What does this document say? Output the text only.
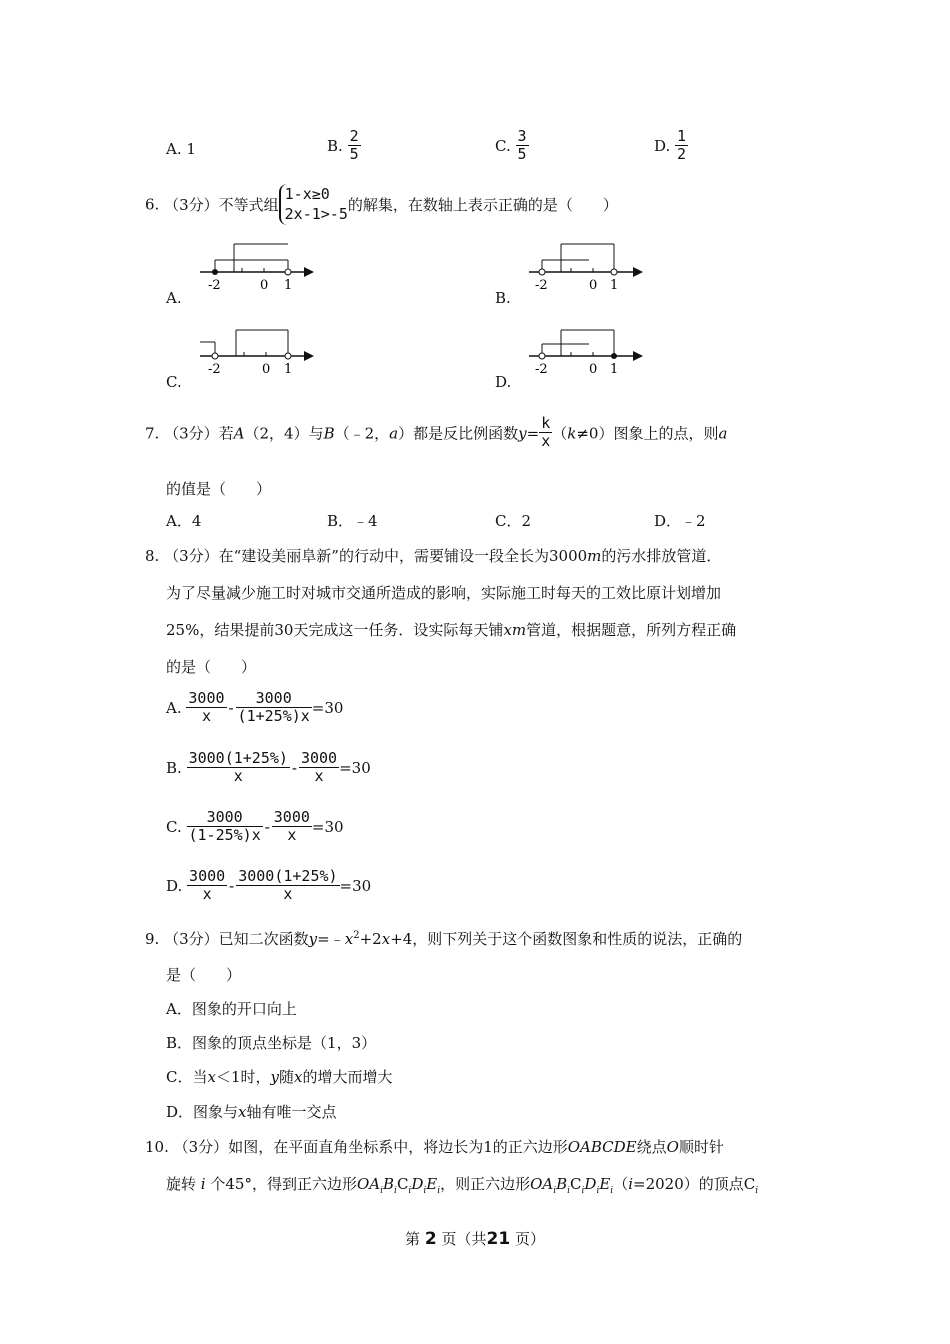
A. 1	B. $\frac{2}{5}$	C. $\frac{3}{5}$	D. $\frac{1}{2}$
6. （3分）不等式组1-x≥0
2x-1>-5的解集，在数轴上表示正确的是（　　）
A.	B.
C.	D.
-2	0 1	-2	0 1
-2	0 1	-2	0 1
7. （3分）若A（2，4）与B（﹣2，a）都是反比例函数$y= \frac{k}{x} (k\ne 0)$图象上的点，则a
的值是（　　）
A．4	B．﹣4	C．2	D．﹣2
8. （3分）在“建设美丽阜新”的行动中，需要铺设一段全长为3000m的污水排放管道．
为了尽量减少施工时对城市交通所造成的影响，实际施工时每天的工效比原计划增加
25%，结果提前30天完成这一任务．设实际每天铺xm管道，根据题意，所列方程正确
的是（　　）
A. $\frac{3000}{x} - \frac{3000}{(1+25\%)x} =30$
B. $\frac{3000(1+25\%)}{x} - \frac{3000}{x} =30$
C. $\frac{3000}{(1-25\%)x} - \frac{3000}{x} =30$
D. $\frac{3000}{x} - \frac{3000(1+25\%)}{x} =30$
9. （3分）已知二次函数$y=﹣x^2+2x+4$，则下列关于这个函数图象和性质的说法，正确的
是（　　）
A．图象的开口向上
B．图象的顶点坐标是（1，3）
C．当x＜1时，y随x的增大而增大
D．图象与x轴有唯一交点
10. （3分）如图，在平面直角坐标系中，将边长为1的正六边形OABCDE绕点O顺时针
旋转 i 个45°，得到正六边形$OA_iB_iC_iD_iE_i$，则正六边形$OA_iB_iC_iD_iE_i(i=2020)$的顶点$C_i$
第 2 页（共21 页）
